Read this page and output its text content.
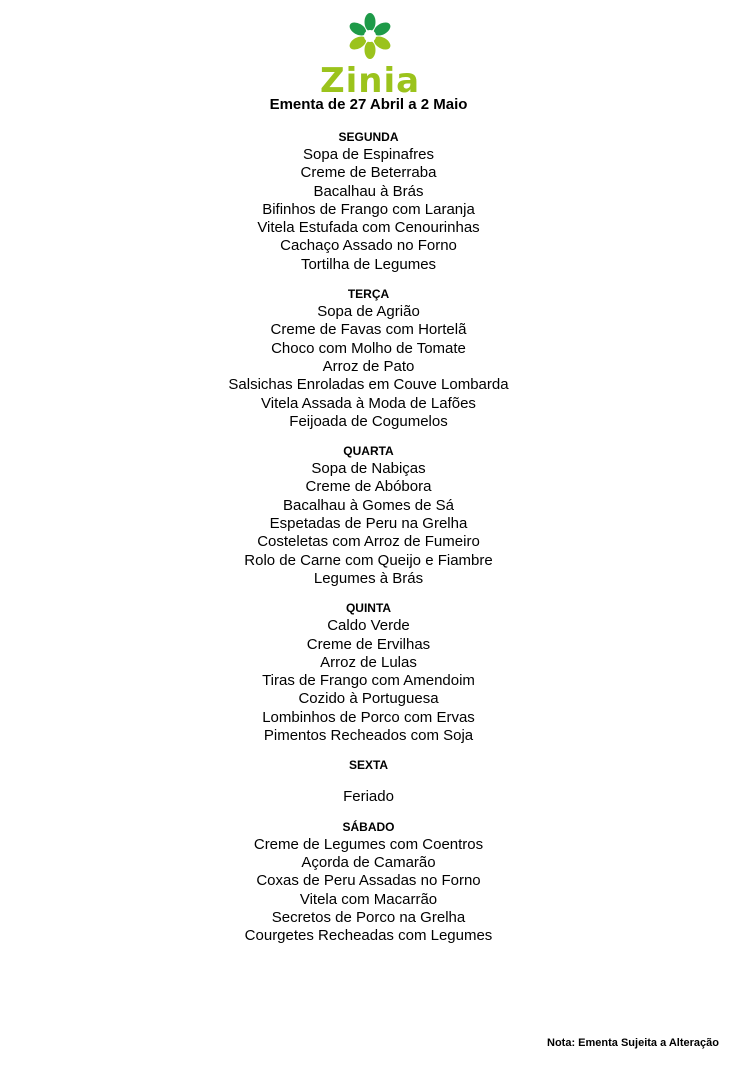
Zinia
Ementa de 27 Abril a 2 Maio
SEGUNDA
Sopa de Espinafres
Creme de Beterraba
Bacalhau à Brás
Bifinhos de Frango com Laranja
Vitela Estufada com Cenourinhas
Cachaço Assado no Forno
Tortilha de Legumes
TERÇA
Sopa de Agrião
Creme de Favas com Hortelã
Choco com Molho de Tomate
Arroz de Pato
Salsichas Enroladas em Couve Lombarda
Vitela Assada à Moda de Lafões
Feijoada de Cogumelos
QUARTA
Sopa de Nabiças
Creme de Abóbora
Bacalhau à Gomes de Sá
Espetadas de Peru na Grelha
Costeletas com Arroz de Fumeiro
Rolo de Carne com Queijo e Fiambre
Legumes à Brás
QUINTA
Caldo Verde
Creme de Ervilhas
Arroz de Lulas
Tiras de Frango com Amendoim
Cozido à Portuguesa
Lombinhos de Porco com Ervas
Pimentos Recheados com Soja
SEXTA
Feriado
SÁBADO
Creme de Legumes com Coentros
Açorda de Camarão
Coxas de Peru Assadas no Forno
Vitela com Macarrão
Secretos de Porco na Grelha
Courgetes Recheadas com Legumes
Nota: Ementa Sujeita a Alteração
